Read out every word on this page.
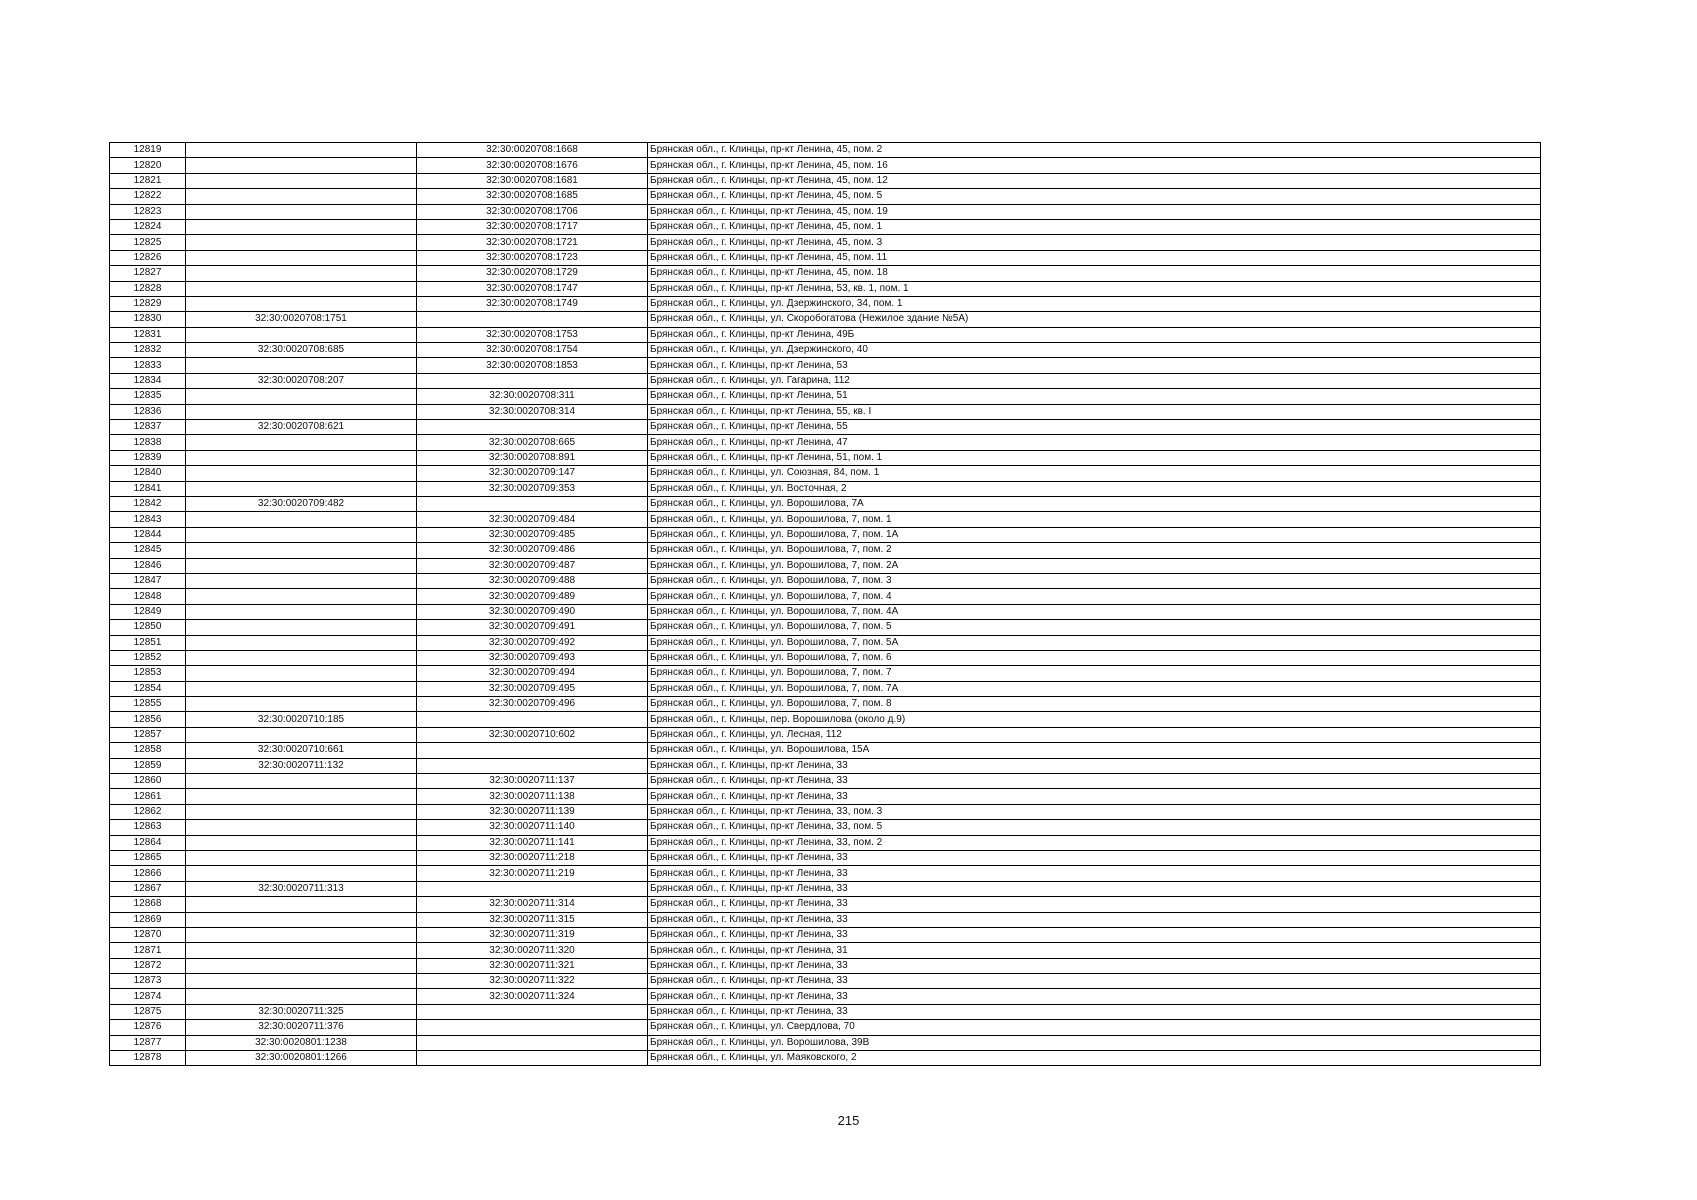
12819		32:30:0020708:1668	Брянская обл., г. Клинцы, пр-кт Ленина, 45, пом. 2
12820		32:30:0020708:1676	Брянская обл., г. Клинцы, пр-кт Ленина, 45, пом. 16
12821		32:30:0020708:1681	Брянская обл., г. Клинцы, пр-кт Ленина, 45, пом. 12
12822		32:30:0020708:1685	Брянская обл., г. Клинцы, пр-кт Ленина, 45, пом. 5
12823		32:30:0020708:1706	Брянская обл., г. Клинцы, пр-кт Ленина, 45, пом. 19
12824		32:30:0020708:1717	Брянская обл., г. Клинцы, пр-кт Ленина, 45, пом. 1
12825		32:30:0020708:1721	Брянская обл., г. Клинцы, пр-кт Ленина, 45, пом. 3
12826		32:30:0020708:1723	Брянская обл., г. Клинцы, пр-кт Ленина, 45, пом. 11
12827		32:30:0020708:1729	Брянская обл., г. Клинцы, пр-кт Ленина, 45, пом. 18
12828		32:30:0020708:1747	Брянская обл., г. Клинцы, пр-кт Ленина, 53, кв. 1, пом. 1
12829		32:30:0020708:1749	Брянская обл., г. Клинцы, ул. Дзержинского, 34, пом. 1
12830	32:30:0020708:1751		Брянская обл., г. Клинцы, ул. Скоробогатова (Нежилое здание №5А)
12831		32:30:0020708:1753	Брянская обл., г. Клинцы, пр-кт Ленина, 49Б
12832	32:30:0020708:685	32:30:0020708:1754	Брянская обл., г. Клинцы, ул. Дзержинского, 40
12833		32:30:0020708:1853	Брянская обл., г. Клинцы, пр-кт Ленина, 53
12834	32:30:0020708:207		Брянская обл., г. Клинцы, ул. Гагарина, 112
12835		32:30:0020708:311	Брянская обл., г. Клинцы, пр-кт Ленина, 51
12836		32:30:0020708:314	Брянская обл., г. Клинцы, пр-кт Ленина, 55, кв. I
12837	32:30:0020708:621		Брянская обл., г. Клинцы, пр-кт Ленина, 55
12838		32:30:0020708:665	Брянская обл., г. Клинцы, пр-кт Ленина, 47
12839		32:30:0020708:891	Брянская обл., г. Клинцы, пр-кт Ленина, 51, пом. 1
12840		32:30:0020709:147	Брянская обл., г. Клинцы, ул. Союзная, 84, пом. 1
12841		32:30:0020709:353	Брянская обл., г. Клинцы, ул. Восточная, 2
12842	32:30:0020709:482		Брянская обл., г. Клинцы, ул. Ворошилова, 7А
12843		32:30:0020709:484	Брянская обл., г. Клинцы, ул. Ворошилова, 7, пом. 1
12844		32:30:0020709:485	Брянская обл., г. Клинцы, ул. Ворошилова, 7, пом. 1А
12845		32:30:0020709:486	Брянская обл., г. Клинцы, ул. Ворошилова, 7, пом. 2
12846		32:30:0020709:487	Брянская обл., г. Клинцы, ул. Ворошилова, 7, пом. 2А
12847		32:30:0020709:488	Брянская обл., г. Клинцы, ул. Ворошилова, 7, пом. 3
12848		32:30:0020709:489	Брянская обл., г. Клинцы, ул. Ворошилова, 7, пом. 4
12849		32:30:0020709:490	Брянская обл., г. Клинцы, ул. Ворошилова, 7, пом. 4А
12850		32:30:0020709:491	Брянская обл., г. Клинцы, ул. Ворошилова, 7, пом. 5
12851		32:30:0020709:492	Брянская обл., г. Клинцы, ул. Ворошилова, 7, пом. 5А
12852		32:30:0020709:493	Брянская обл., г. Клинцы, ул. Ворошилова, 7, пом. 6
12853		32:30:0020709:494	Брянская обл., г. Клинцы, ул. Ворошилова, 7, пом. 7
12854		32:30:0020709:495	Брянская обл., г. Клинцы, ул. Ворошилова, 7, пом. 7А
12855		32:30:0020709:496	Брянская обл., г. Клинцы, ул. Ворошилова, 7, пом. 8
12856	32:30:0020710:185		Брянская обл., г. Клинцы, пер. Ворошилова (около д.9)
12857		32:30:0020710:602	Брянская обл., г. Клинцы, ул. Лесная, 112
12858	32:30:0020710:661		Брянская обл., г. Клинцы, ул. Ворошилова, 15А
12859	32:30:0020711:132		Брянская обл., г. Клинцы, пр-кт Ленина, 33
12860		32:30:0020711:137	Брянская обл., г. Клинцы, пр-кт Ленина, 33
12861		32:30:0020711:138	Брянская обл., г. Клинцы, пр-кт Ленина, 33
12862		32:30:0020711:139	Брянская обл., г. Клинцы, пр-кт Ленина, 33, пом. 3
12863		32:30:0020711:140	Брянская обл., г. Клинцы, пр-кт Ленина, 33, пом. 5
12864		32:30:0020711:141	Брянская обл., г. Клинцы, пр-кт Ленина, 33, пом. 2
12865		32:30:0020711:218	Брянская обл., г. Клинцы, пр-кт Ленина, 33
12866		32:30:0020711:219	Брянская обл., г. Клинцы, пр-кт Ленина, 33
12867	32:30:0020711:313		Брянская обл., г. Клинцы, пр-кт Ленина, 33
12868		32:30:0020711:314	Брянская обл., г. Клинцы, пр-кт Ленина, 33
12869		32:30:0020711:315	Брянская обл., г. Клинцы, пр-кт Ленина, 33
12870		32:30:0020711:319	Брянская обл., г. Клинцы, пр-кт Ленина, 33
12871		32:30:0020711:320	Брянская обл., г. Клинцы, пр-кт Ленина, 31
12872		32:30:0020711:321	Брянская обл., г. Клинцы, пр-кт Ленина, 33
12873		32:30:0020711:322	Брянская обл., г. Клинцы, пр-кт Ленина, 33
12874		32:30:0020711:324	Брянская обл., г. Клинцы, пр-кт Ленина, 33
12875	32:30:0020711:325		Брянская обл., г. Клинцы, пр-кт Ленина, 33
12876	32:30:0020711:376		Брянская обл., г. Клинцы, ул. Свердлова, 70
12877	32:30:0020801:1238		Брянская обл., г. Клинцы, ул. Ворошилова, 39В
12878	32:30:0020801:1266		Брянская обл., г. Клинцы, ул. Маяковского, 2
215
